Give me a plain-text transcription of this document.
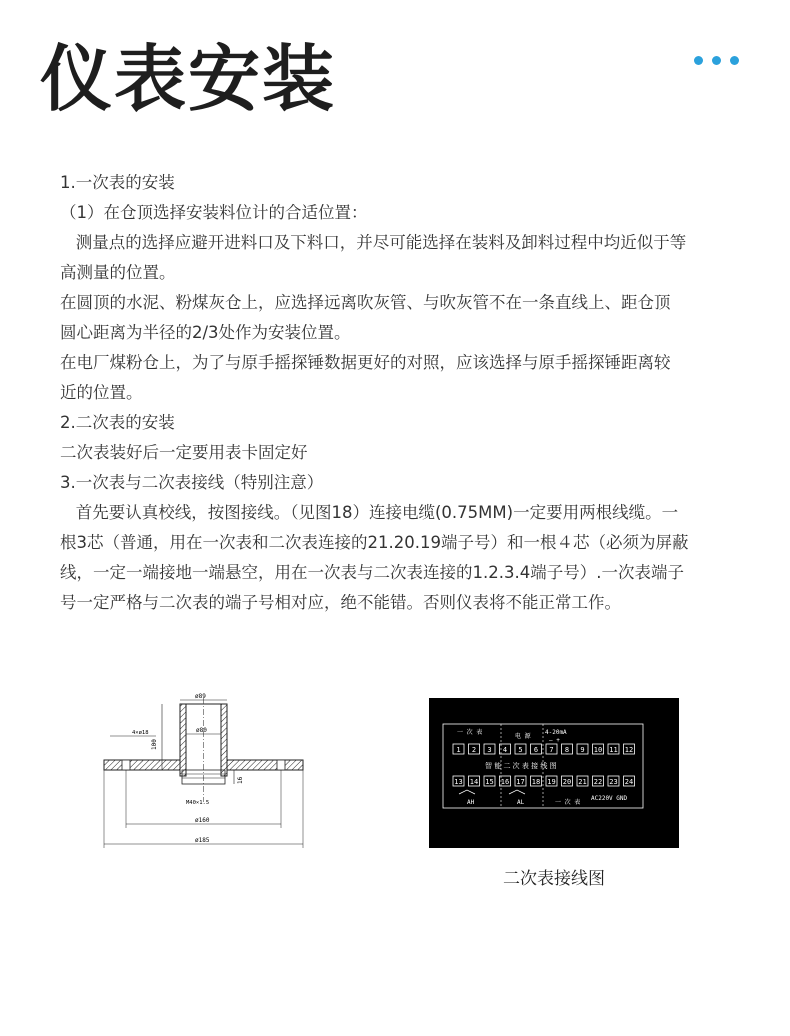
仪表安装

1.一次表的安装

（1）在仓顶选择安装料位计的合适位置：

测量点的选择应避开进料口及下料口，并尽可能选择在装料及卸料过程中均近似于等

高测量的位置。

在圆顶的水泥、粉煤灰仓上，应选择远离吹灰管、与吹灰管不在一条直线上、距仓顶

圆心距离为半径的2/3处作为安装位置。

在电厂煤粉仓上，为了与原手摇探锤数据更好的对照，应该选择与原手摇探锤距离较

近的位置。

2.二次表的安装

二次表装好后一定要用表卡固定好

3.一次表与二次表接线（特别注意）

首先要认真校线，按图接线。（见图18）连接电缆(0.75MM)一定要用两根线缆。一

根3芯（普通，用在一次表和二次表连接的21.20.19端子号）和一根４芯（必须为屏蔽

线，一定一端接地一端悬空，用在一次表与二次表连接的1.2.3.4端子号）.一次表端子

号一定严格与二次表的端子号相对应，绝不能错。否则仪表将不能正常工作。

ø89
ø80
4×ø18
100
16
M40×1.5
ø160
ø185
一 次 表
电 源
4-20mA
— +
1 2 3 4 5 6 7 8 9 10 11 12
智 能 二 次 表 接 线 图
13 14 15 16 17 18 19 20 21 22 23 24
AH	AL	一 次 表
AC220V GND
二次表接线图
